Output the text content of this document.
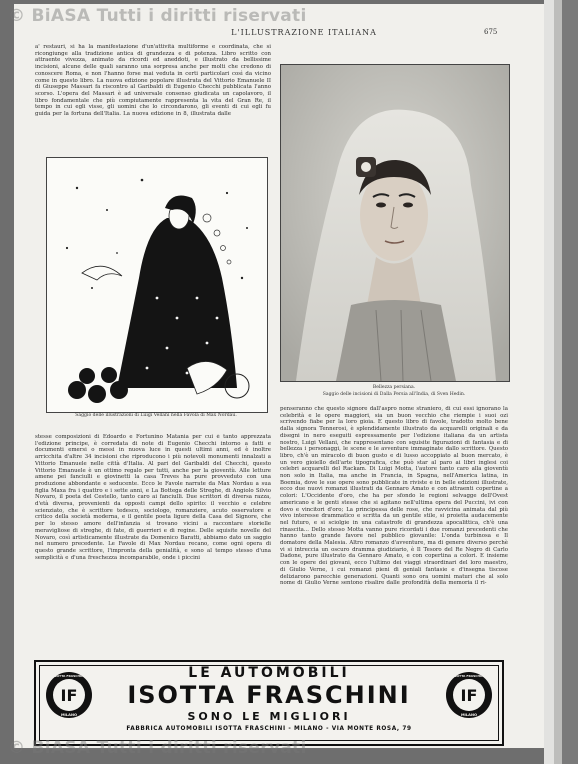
L'ILLUSTRAZIONE ITALIANA	675
a' restauri, si ha la manifestazione d'un'attività multiforme e coordinata, che si ricongiunge alla tradizione antica di grandezza e di potenza. Libro scritto con attraente vivezza, animato da ricordi ed aneddoti, e illustrato da bellissime incisioni, alcune delle quali saranno una sorpresa anche per molti che credono di conoscere Roma, e non l'hanno forse mai veduta in certi particolari così da vicino come in questo libro. La nuova edizione popolare illustrata del Vittorio Emanuele II di Giuseppe Massari fa riscontro al Garibaldi di Eugenio Checchi pubblicata l'anno scorso. L'opera del Massari è ad universale consenso giudicata un capolavoro, il libro fondamentale che più compiutamente rappresenta la vita del Gran Re, il tempo in cui egli visse, gli uomini che lo circondarono, gli eventi di cui egli fu guida per la fortuna dell'Italia. La nuova edizione in 8, illustrata dalle
Saggio delle illustrazioni di Luigi Vellani nella Favola di Max Nordau.
Bellezza persiana.
Saggio delle incisioni di Dalla Persia all'India, di Sven Hedin.
stesse composizioni di Edoardo e Fortunino Matania per cui è tanto apprezzata l'edizione principe, è corredata di note di Eugenio Checchi intorno a fatti e documenti emersi o messi in nuova luce in questi ultimi anni, ed è inoltre arricchita d'altre 34 incisioni che riproducono i più notevoli monumenti innalzati a Vittorio Emanuele nelle città d'Italia. Al pari del Garibaldi del Checchi, questo Vittorio Emanuele è un ottimo regalo per tutti, anche per la gioventù. Alle letture amene pei fanciulli e giovinetti la casa Treves ha pure provveduto con una produzione abbondante e seducente. Ecco le Favole narrate da Max Nordau a sua figlia Maxa fra i quattro e i sette anni, e La Bottega delle Streghe, di Angiolo Silvio Novaro, il poeta del Cestello, tanto caro ai fanciulli. Due scrittori di diversa razza, d'età diversa, provenienti da opposti campi dello spirito: il vecchio e celebre scienziato, che è scrittore tedesco, sociologo, romanziere, acuto osservatore e critico della società moderna, e il gentile poeta ligure della Casa del Signore, che per lo stesso amore dell'infanzia si trovano vicini a raccontare storielle meravigliose di streghe, di fate, di guerrieri e di regine. Delle squisite novelle del Novaro, così artisticamente illustrate da Domenico Baratti, abbiamo dato un saggio nel numero precedente. Le Favole di Max Nordau recano, come ogni opera di questo grande scrittore, l'impronta della genialità, e sono al tempo stesso d'una semplicità e d'una freschezza incomparabile, onde i piccini
penseranno che questo signore dall'aspro nome straniero, di cui essi ignorano la celebrità e le opere maggiori, sia un buon vecchio che riempie i suoi ozi scrivendo fiabe per la loro gioia. E questo libro di favole, tradotto molto bene dalla signora Tennerosi, è splendidamente illustrato da acquarelli originali e da disegni in nero eseguiti espressamente per l'edizione italiana da un artista nostro, Luigi Vellani, che rappresentano con squisite figurazioni di fantasia e di bellezza i personaggi, le scene e le avventure immaginate dallo scrittore. Questo libro, ch'è un miracolo di buon gusto e di lusso accoppiato al buon mercato, è un vero gioiello dell'arte tipografica, che può star al paro ai libri inglesi coi celebri acquarelli del Rackam. Di Luigi Motta, l'autore tanto caro alla gioventù non solo in Italia, ma anche in Francia, in Spagna, nell'America latina, in Boemia, dove le sue opere sono pubblicate in riviste e in belle edizioni illustrate, ecco due nuovi romanzi illustrati da Gennaro Amato e con attraenti copertine a colori: L'Occidente d'oro, che ha per sfondo le regioni selvagge dell'Ovest americano e le genti stesse che si agitano nell'ultima opera del Puccini, ivi con dovo e vincitori d'oro; La principessa delle rose, che ravvicina animata dal più vivo interesse drammatico e scritta da un gentile stile, si proietta audacemente nel futuro, e si sciolgie in una catastrofe di grandezza apocalittica, ch'è una rinascita... Dello stesso Motta vanno pure ricordati i due romanzi precedenti che hanno tanto grande favore nel pubblico giovanile: L'onda turbinosa e Il domatore della Malesia. Altro romanzo d'avventure, ma di genere diverso perchè vi si intreccia un oscuro dramma giudiziario, è Il Tesoro del Re Negro di Carlo Dadone, pure illustrato da Gennaro Amato, e con copertina a colori. E insieme con le opere dei giovani, ecco l'ultimo dei viaggi straordinari del loro maestro, di Giulio Verne, i cui romanzi pieni di geniali fantasie e d'insegna tiscose deliziarono parecchie generazioni. Quanti sono ora uomini maturi che al solo nome di Giulio Verne sentono risalire dalle profondità della memoria il ri-
IF
ISOTTA FRASCHINI
MILANO
IF
ISOTTA FRASCHINI
MILANO
LE AUTOMOBILI
ISOTTA FRASCHINI
SONO LE MIGLIORI
FABBRICA AUTOMOBILI ISOTTA FRASCHINI - MILANO - VIA MONTE ROSA, 79
© BiASA Tutti i diritti riservati
© BiASA Tutti i diritti riservati
